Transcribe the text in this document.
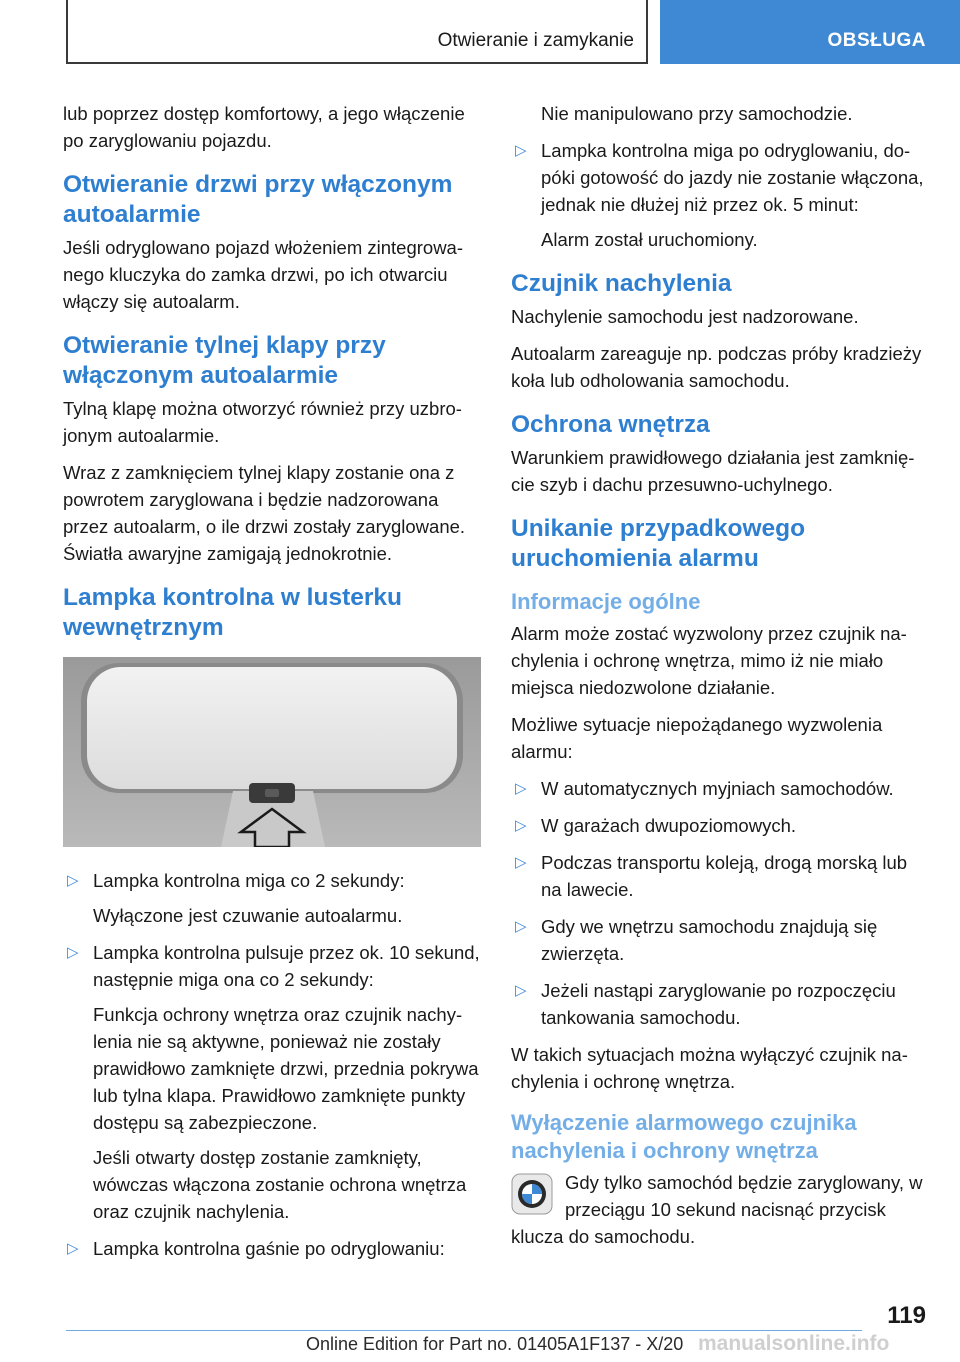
Otwieranie i zamykanie	OBSŁUGA

lub poprzez dostęp komfortowy, a jego włączenie po zaryglowaniu pojazdu.

Otwieranie drzwi przy włączonym autoalarmie

Jeśli odryglowano pojazd włożeniem zintegrowanego kluczyka do zamka drzwi, po ich otwarciu włączy się autoalarm.

Otwieranie tylnej klapy przy włączonym autoalarmie

Tylną klapę można otworzyć również przy uzbrojonym autoalarmie.

Wraz z zamknięciem tylnej klapy zostanie ona z powrotem zaryglowana i będzie nadzorowana przez autoalarm, o ile drzwi zostały zaryglowane. Światła awaryjne zamigają jednokrotnie.

Lampka kontrolna w lusterku wewnętrznym
▷ Lampka kontrolna miga co 2 sekundy:
Wyłączone jest czuwanie autoalarmu.
▷ Lampka kontrolna pulsuje przez ok. 10 sekund, następnie miga ona co 2 sekundy:
Funkcja ochrony wnętrza oraz czujnik nachylenia nie są aktywne, ponieważ nie zostały prawidłowo zamknięte drzwi, przednia pokrywa lub tylna klapa. Prawidłowo zamknięte punkty dostępu są zabezpieczone.
Jeśli otwarty dostęp zostanie zamknięty, wówczas włączona zostanie ochrona wnętrza oraz czujnik nachylenia.
▷ Lampka kontrolna gaśnie po odryglowaniu:

Nie manipulowano przy samochodzie.

▷ Lampka kontrolna miga po odryglowaniu, dopóki gotowość do jazdy nie zostanie włączona, jednak nie dłużej niż przez ok. 5 minut:
Alarm został uruchomiony.
Czujnik nachylenia

Nachylenie samochodu jest nadzorowane.

Autoalarm zareaguje np. podczas próby kradzieży koła lub odholowania samochodu.

Ochrona wnętrza

Warunkiem prawidłowego działania jest zamknięcie szyb i dachu przesuwno-uchylnego.

Unikanie przypadkowego uruchomienia alarmu
Informacje ogólne

Alarm może zostać wyzwolony przez czujnik nachylenia i ochronę wnętrza, mimo iż nie miało miejsca niedozwolone działanie.

Możliwe sytuacje niepożądanego wyzwolenia alarmu:

▷ W automatycznych myjniach samochodów.
▷ W garażach dwupoziomowych.
▷ Podczas transportu koleją, drogą morską lub na lawecie.
▷ Gdy we wnętrzu samochodu znajdują się zwierzęta.
▷ Jeżeli nastąpi zaryglowanie po rozpoczęciu tankowania samochodu.

W takich sytuacjach można wyłączyć czujnik nachylenia i ochronę wnętrza.

Wyłączenie alarmowego czujnika nachylenia i ochrony wnętrza

Gdy tylko samochód będzie zaryglowany, w przeciągu 10 sekund nacisnąć przycisk klucza do samochodu.

119
Online Edition for Part no. 01405A1F137 - X/20 manualsonline.info
